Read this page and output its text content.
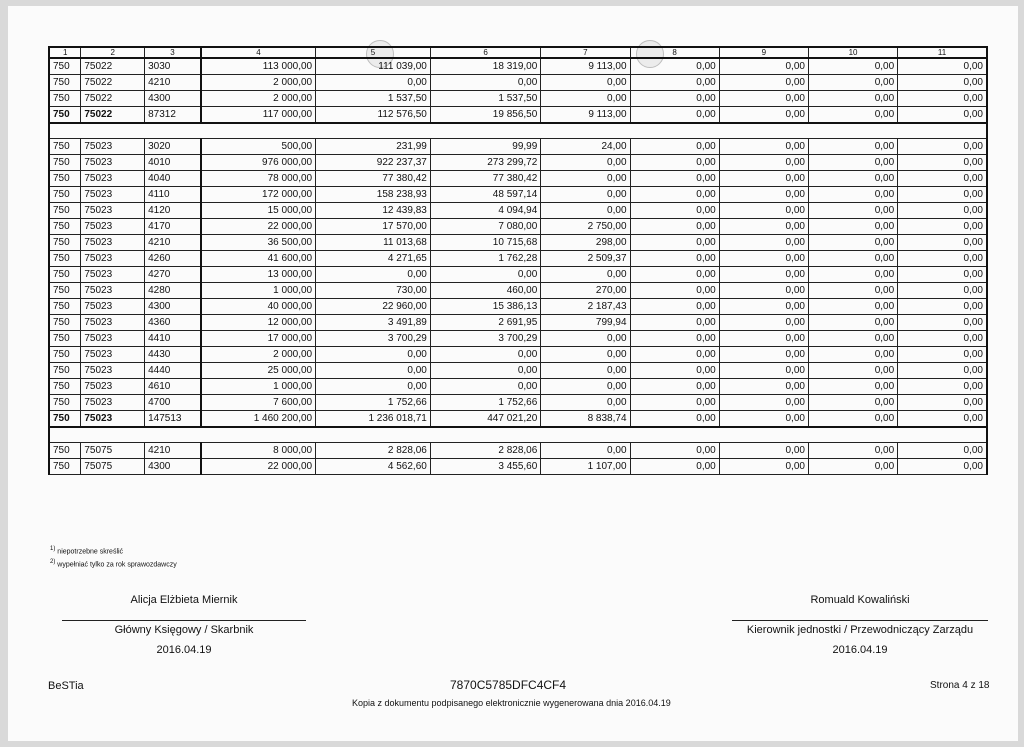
1	2	3	4	5	6	7	8	9	10	11
750	75022	3030	113 000,00	111 039,00	18 319,00	9 113,00	0,00	0,00	0,00	0,00
750	75022	4210	2 000,00	0,00	0,00	0,00	0,00	0,00	0,00	0,00
750	75022	4300	2 000,00	1 537,50	1 537,50	0,00	0,00	0,00	0,00	0,00
750	75022	87312	117 000,00	112 576,50	19 856,50	9 113,00	0,00	0,00	0,00	0,00

750	75023	3020	500,00	231,99	99,99	24,00	0,00	0,00	0,00	0,00
750	75023	4010	976 000,00	922 237,37	273 299,72	0,00	0,00	0,00	0,00	0,00
750	75023	4040	78 000,00	77 380,42	77 380,42	0,00	0,00	0,00	0,00	0,00
750	75023	4110	172 000,00	158 238,93	48 597,14	0,00	0,00	0,00	0,00	0,00
750	75023	4120	15 000,00	12 439,83	4 094,94	0,00	0,00	0,00	0,00	0,00
750	75023	4170	22 000,00	17 570,00	7 080,00	2 750,00	0,00	0,00	0,00	0,00
750	75023	4210	36 500,00	11 013,68	10 715,68	298,00	0,00	0,00	0,00	0,00
750	75023	4260	41 600,00	4 271,65	1 762,28	2 509,37	0,00	0,00	0,00	0,00
750	75023	4270	13 000,00	0,00	0,00	0,00	0,00	0,00	0,00	0,00
750	75023	4280	1 000,00	730,00	460,00	270,00	0,00	0,00	0,00	0,00
750	75023	4300	40 000,00	22 960,00	15 386,13	2 187,43	0,00	0,00	0,00	0,00
750	75023	4360	12 000,00	3 491,89	2 691,95	799,94	0,00	0,00	0,00	0,00
750	75023	4410	17 000,00	3 700,29	3 700,29	0,00	0,00	0,00	0,00	0,00
750	75023	4430	2 000,00	0,00	0,00	0,00	0,00	0,00	0,00	0,00
750	75023	4440	25 000,00	0,00	0,00	0,00	0,00	0,00	0,00	0,00
750	75023	4610	1 000,00	0,00	0,00	0,00	0,00	0,00	0,00	0,00
750	75023	4700	7 600,00	1 752,66	1 752,66	0,00	0,00	0,00	0,00	0,00
750	75023	147513	1 460 200,00	1 236 018,71	447 021,20	8 838,74	0,00	0,00	0,00	0,00

750	75075	4210	8 000,00	2 828,06	2 828,06	0,00	0,00	0,00	0,00	0,00
750	75075	4300	22 000,00	4 562,60	3 455,60	1 107,00	0,00	0,00	0,00	0,00
$^{1)}$ niepotrzebne skreślić
$^{2)}$ wypełniać tylko za rok sprawozdawczy
Alicja Elżbieta Miernik
Główny Księgowy / Skarbnik
2016.04.19
Romuald Kowaliński
Kierownik jednostki / Przewodniczący Zarządu
2016.04.19
BeSTia	7870C5785DFC4CF4	Strona 4 z 18
Kopia z dokumentu podpisanego elektronicznie wygenerowana dnia 2016.04.19
